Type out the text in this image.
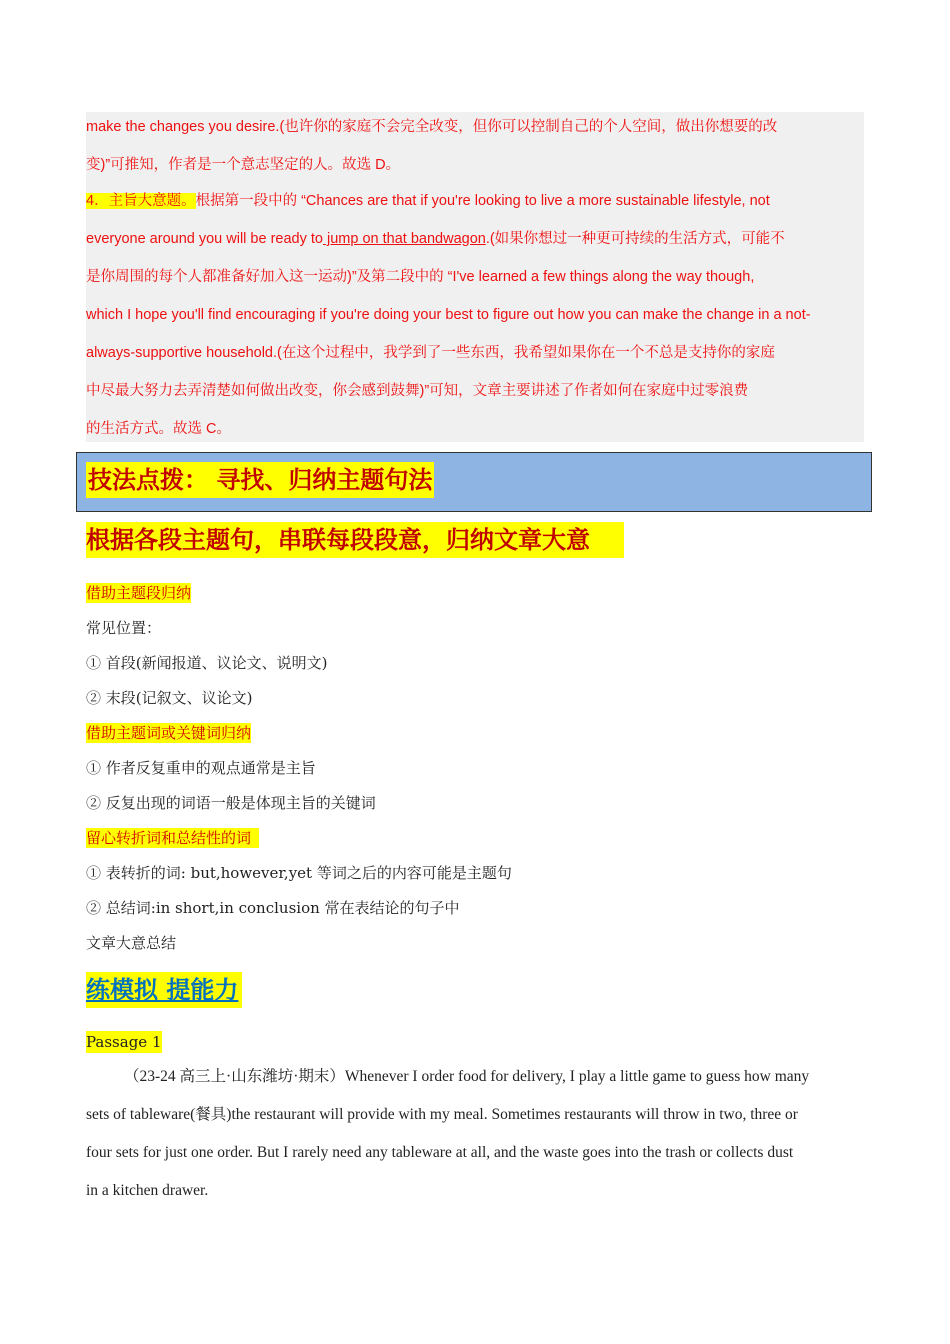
make the changes you desire.(也许你的家庭不会完全改变，但你可以控制自己的个人空间，做出你想要的改
变)”可推知，作者是一个意志坚定的人。故选 D。
4．主旨大意题。根据第一段中的 “Chances are that if you're looking to live a more sustainable lifestyle, not
everyone around you will be ready to jump on that bandwagon.(如果你想过一种更可持续的生活方式，可能不
是你周围的每个人都准备好加入这一运动)”及第二段中的 “I've learned a few things along the way though,
which I hope you'll find encouraging if you're doing your best to figure out how you can make the change in a not-
always-supportive household.(在这个过程中，我学到了一些东西，我希望如果你在一个不总是支持你的家庭
中尽最大努力去弄清楚如何做出改变，你会感到鼓舞)”可知，文章主要讲述了作者如何在家庭中过零浪费
的生活方式。故选 C。
技法点拨： 寻找、归纳主题句法
根据各段主题句，串联每段段意，归纳文章大意
借助主题段归纳
常见位置：
① 首段(新闻报道、议论文、说明文)
② 末段(记叙文、议论文)
借助主题词或关键词归纳
① 作者反复重申的观点通常是主旨
② 反复出现的词语一般是体现主旨的关键词
留心转折词和总结性的词
① 表转折的词: but,however,yet 等词之后的内容可能是主题句
② 总结词:in short,in conclusion 常在表结论的句子中
文章大意总结
练模拟 提能力
Passage 1
（23-24 高三上·山东潍坊·期末）Whenever I order food for delivery, I play a little game to guess how many
sets of tableware(餐具)the restaurant will provide with my meal. Sometimes restaurants will throw in two, three or
four sets for just one order. But I rarely need any tableware at all, and the waste goes into the trash or collects dust
in a kitchen drawer.
